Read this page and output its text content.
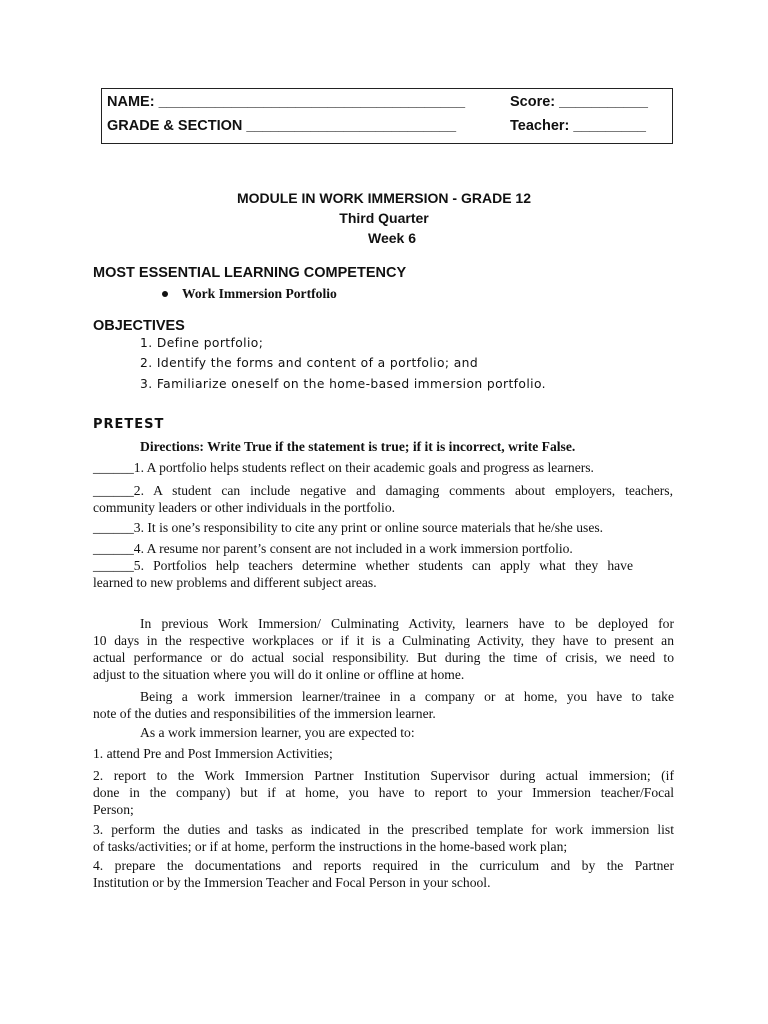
NAME: ______________________________________	Score: ___________
GRADE & SECTION __________________________	Teacher: _________
MODULE IN WORK IMMERSION - GRADE 12
Third Quarter
Week 6
MOST ESSENTIAL LEARNING COMPETENCY
Work Immersion Portfolio
OBJECTIVES
1. Define portfolio;
2. Identify the forms and content of a portfolio; and
3. Familiarize oneself on the home-based immersion portfolio.
PRETEST
Directions: Write True if the statement is true; if it is incorrect, write False.
______1. A portfolio helps students reflect on their academic goals and progress as learners.
______2. A student can include negative and damaging comments about employers, teachers,
community leaders or other individuals in the portfolio.
______3. It is one’s responsibility to cite any print or online source materials that he/she uses.
______4. A resume nor parent’s consent are not included in a work immersion portfolio.
______5. Portfolios help teachers determine whether students can apply what they have
learned to new problems and different subject areas.
In previous Work Immersion/ Culminating Activity, learners have to be deployed for
10 days in the respective workplaces or if it is a Culminating Activity, they have to present an
actual performance or do actual social responsibility. But during the time of crisis, we need to
adjust to the situation where you will do it online or offline at home.
Being a work immersion learner/trainee in a company or at home, you have to take
note of the duties and responsibilities of the immersion learner.
As a work immersion learner, you are expected to:
1. attend Pre and Post Immersion Activities;
2. report to the Work Immersion Partner Institution Supervisor during actual immersion; (if
done in the company) but if at home, you have to report to your Immersion teacher/Focal
Person;
3. perform the duties and tasks as indicated in the prescribed template for work immersion list
of tasks/activities; or if at home, perform the instructions in the home-based work plan;
4. prepare the documentations and reports required in the curriculum and by the Partner
Institution or by the Immersion Teacher and Focal Person in your school.
